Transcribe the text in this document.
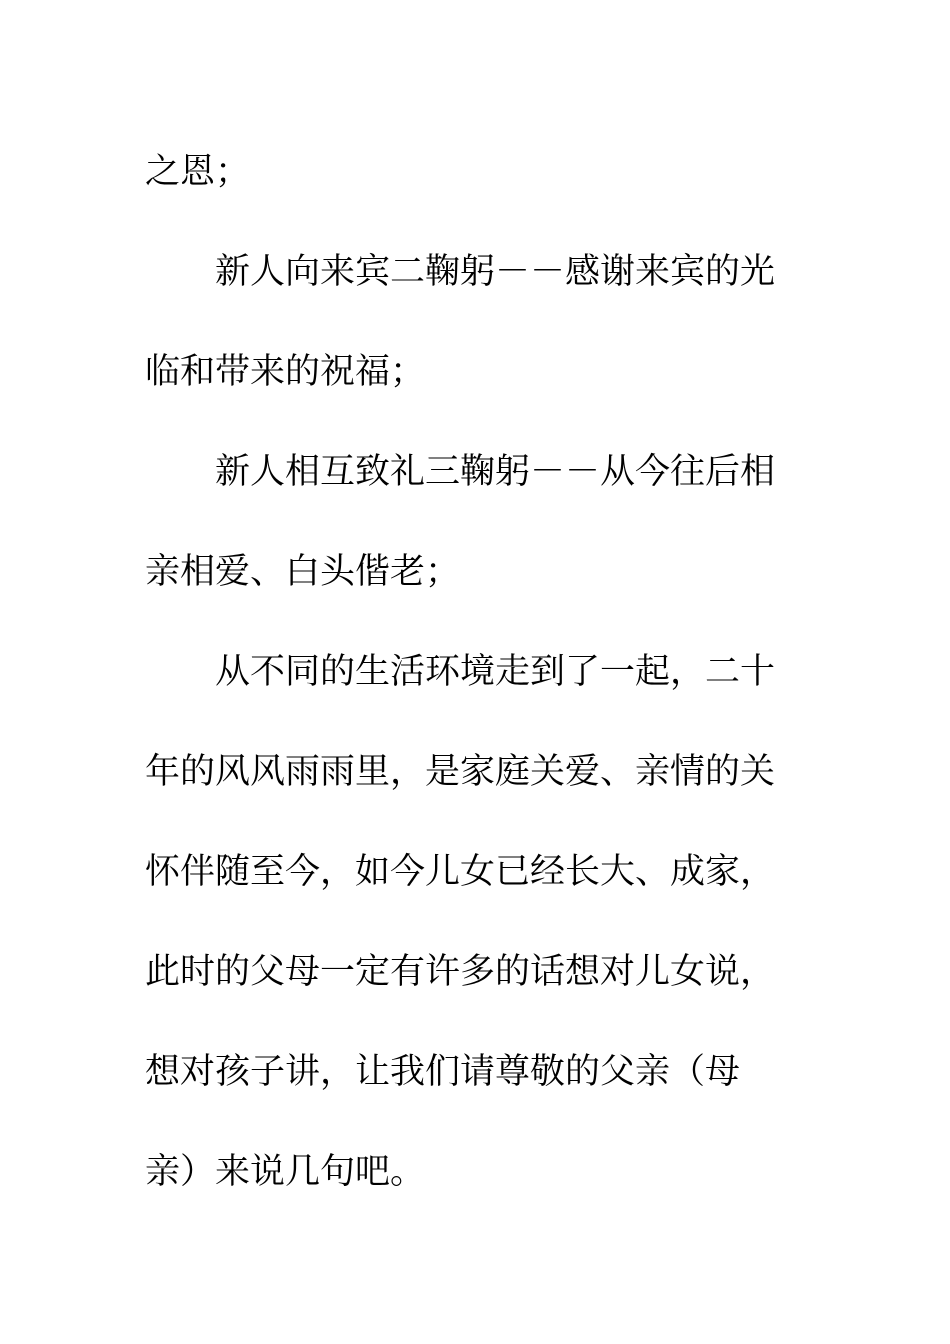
之恩；

新人向来宾二鞠躬－－感谢来宾的光

临和带来的祝福；

新人相互致礼三鞠躬－－从今往后相

亲相爱、白头偕老；

从不同的生活环境走到了一起，二十

年的风风雨雨里，是家庭关爱、亲情的关

怀伴随至今，如今儿女已经长大、成家，

此时的父母一定有许多的话想对儿女说，

想对孩子讲，让我们请尊敬的父亲（母

亲）来说几句吧。
